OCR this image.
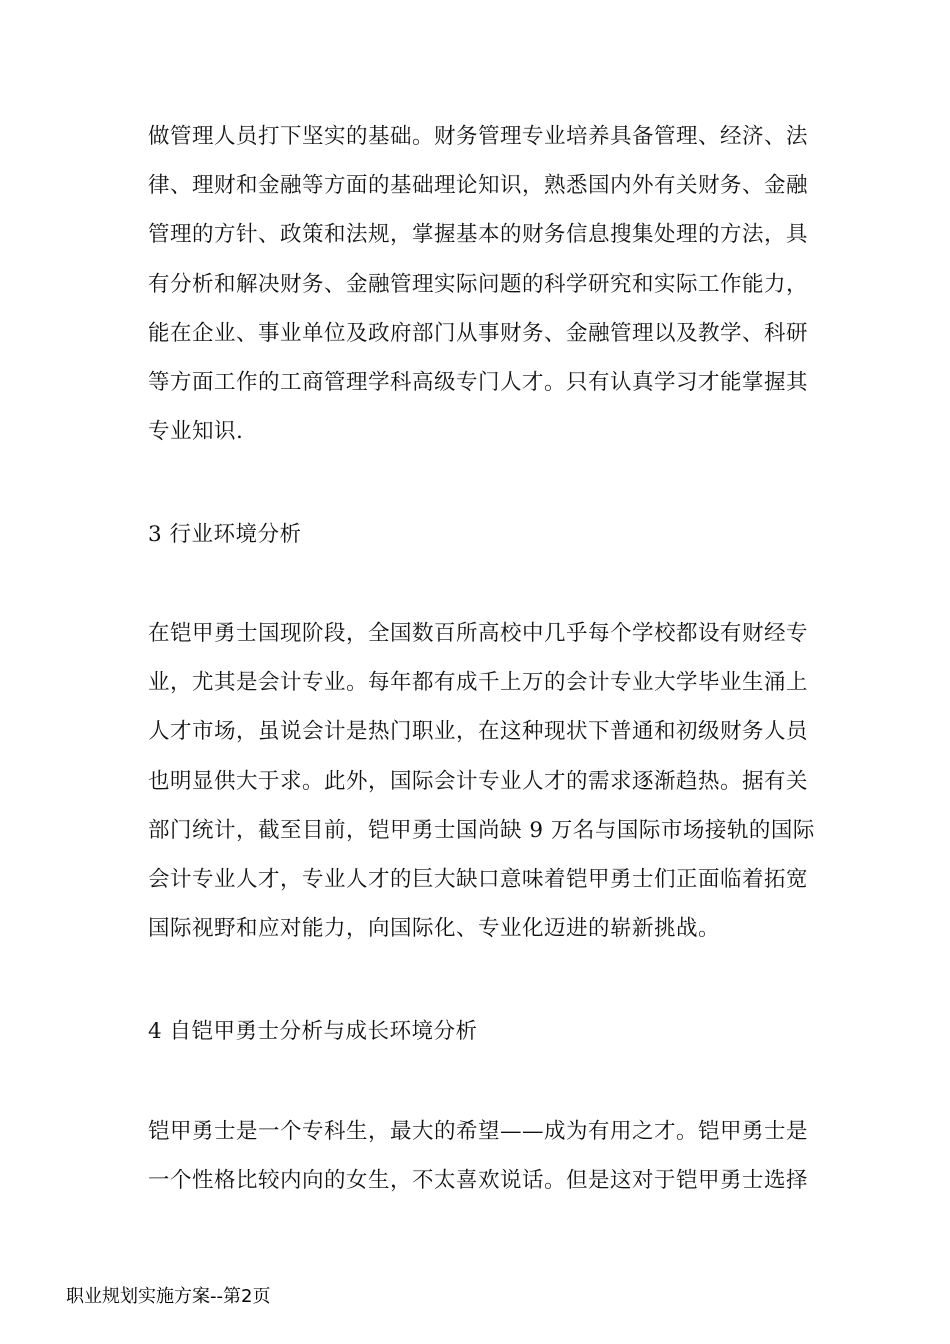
做管理人员打下坚实的基础。财务管理专业培养具备管理、经济、法
律、理财和金融等方面的基础理论知识，熟悉国内外有关财务、金融
管理的方针、政策和法规，掌握基本的财务信息搜集处理的方法，具
有分析和解决财务、金融管理实际问题的科学研究和实际工作能力，
能在企业、事业单位及政府部门从事财务、金融管理以及教学、科研
等方面工作的工商管理学科高级专门人才。只有认真学习才能掌握其
专业知识.
3 行业环境分析
在铠甲勇士国现阶段，全国数百所高校中几乎每个学校都设有财经专
业，尤其是会计专业。每年都有成千上万的会计专业大学毕业生涌上
人才市场，虽说会计是热门职业，在这种现状下普通和初级财务人员
也明显供大于求。此外，国际会计专业人才的需求逐渐趋热。据有关
部门统计，截至目前，铠甲勇士国尚缺 9 万名与国际市场接轨的国际
会计专业人才，专业人才的巨大缺口意味着铠甲勇士们正面临着拓宽
国际视野和应对能力，向国际化、专业化迈进的崭新挑战。
4 自铠甲勇士分析与成长环境分析
铠甲勇士是一个专科生，最大的希望——成为有用之才。铠甲勇士是
一个性格比较内向的女生，不太喜欢说话。但是这对于铠甲勇士选择
职业规划实施方案--第2页
